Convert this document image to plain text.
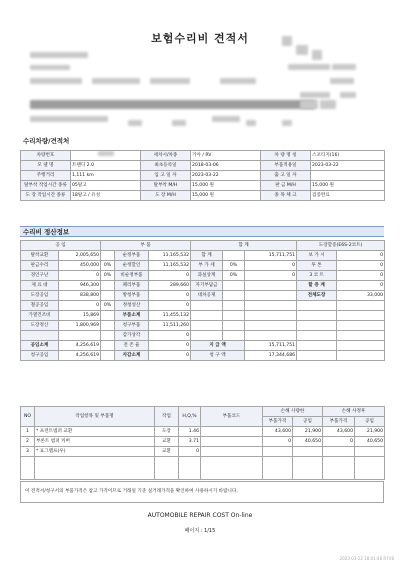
보험수리비 견적서
수리차량/견적처
차량번호		세차시/차종	기아 / RV	차 량 명 칭	스포티지(16)
모 델 명	트랜디 2.0	최초등록일	2018-03-06	부품적용일	2023-03-22
주행거리	1,111 km	입 고 일 자	2023-03-22	출 고 일 자	
탈부착 작업시간 종류	05탈고	탈부착 M/H	15,000 원	판 금 M/H	15,000 원
도 장 작업시간 종류	18탈고 / 유성	도 장 M/H	15,000 원	종 목 체 크	검증완료
수리비 정산정보
공 임		부 품			합 계			도장할증(E6S-2코트)	
탈착교환	2,005,650		순정부품	11,165,532	합 계		15,711,751	보 가 시	0
판금수리	450,000	0%	순정할인	11,165,532	부 가 세	0%	0	투 톤	0
경인구난	0	0%	비순정부품	0	과실상계	0%	0	3 코 트	0
제 료 대	946,300		폐리부품	289,660	자기부담금			할 증 계	0
도장공임	838,800		방청부품	0	대차공제			전체도장	33,000
철공공임	0	0%	정청성산	0					
가열건조비	15,869		부품소계	11,455,132					
도장정산	1,800,969		청구부품	11,511,260					
			감가상각	0					
공임소계	4,256,619		전 존 율	0	지 급 액		15,711,751		
청구공임	4,256,619		자감소계	0	청 구 액		17,344,686		
NO	작업항목 및 부품명	작업	H,Q,%	부품코드	손해 사량한		손해 사정후	
					부품가격	공임	부품가격	공임
1	* 프런트범퍼 교환	도장	1.46		43,600	21,900	43,600	21,900
2	부론트 범퍼 커버	교환	3.71		0	40,650	0	40,650
3	* 표그램프(우)	교환	0					

이 견적서/청구서의 부품가격은 참고 가격이므로 거래일 기준 실거래가격을 확인하여 사용하시기 바랍니다.
AUTOMOBILE REPAIR COST On-line
페이지 : 1/15
2023-03-22 18:01:46 R7V8
